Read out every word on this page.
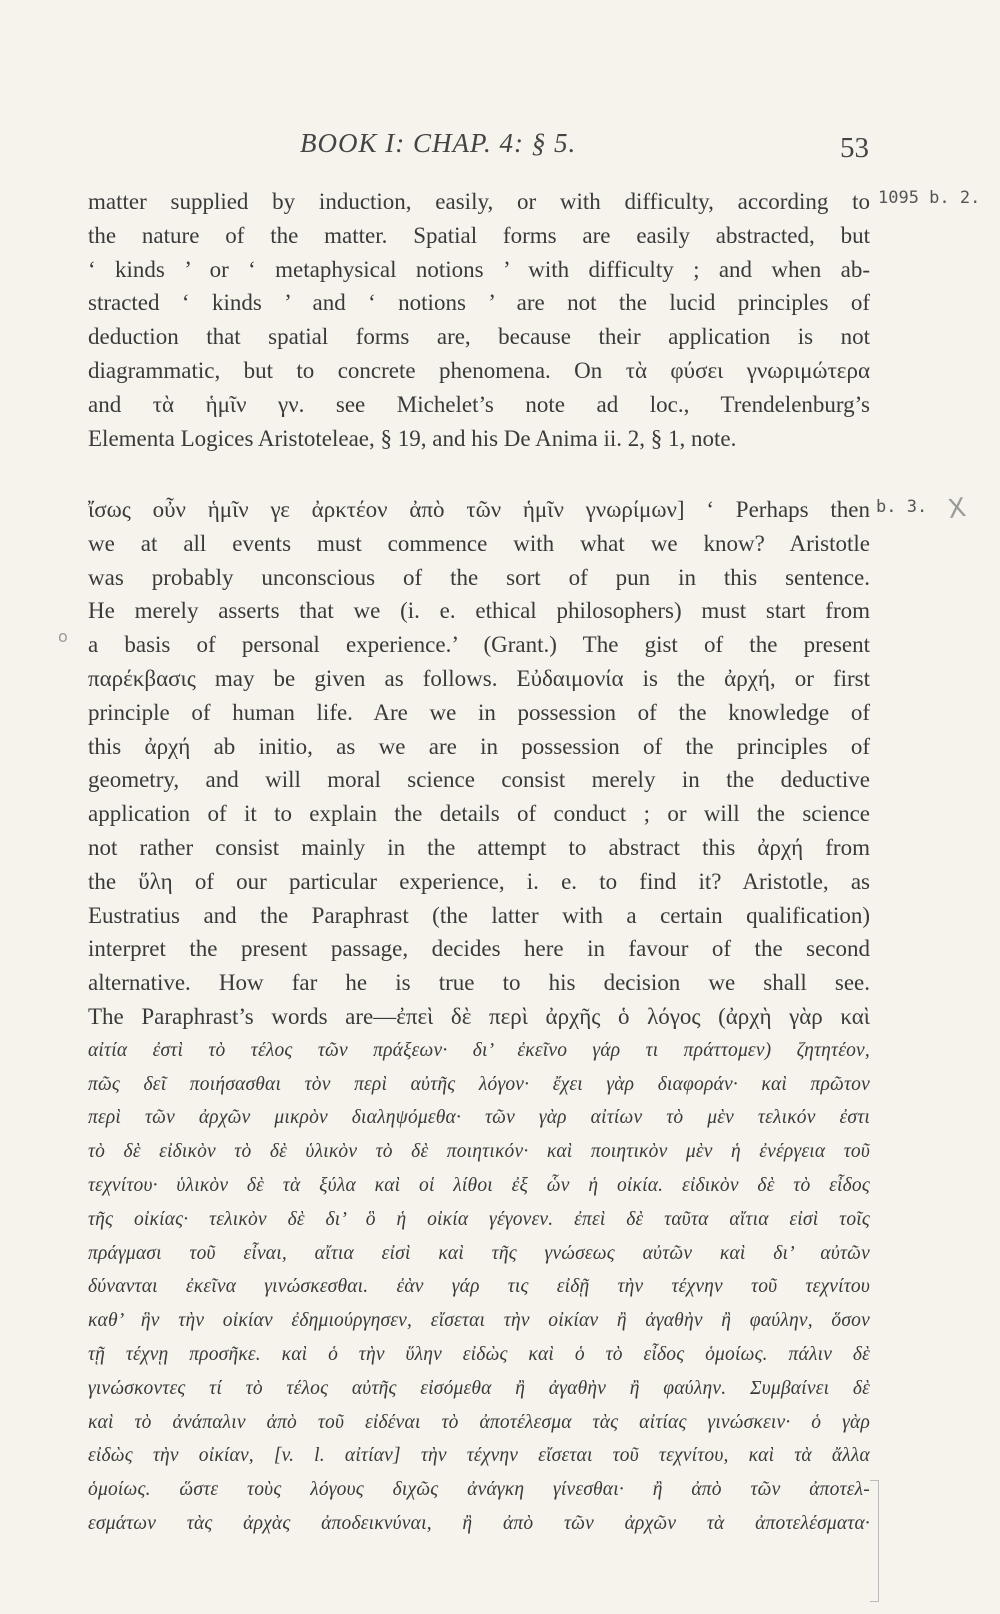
BOOK I: CHAP. 4: § 5.	53
1095 b. 2.
b. 3. X
o
matter supplied by induction, easily, or with difficulty, according to
the nature of the matter. Spatial forms are easily abstracted, but
‘ kinds ’ or ‘ metaphysical notions ’ with difficulty ; and when ab-
stracted ‘ kinds ’ and ‘ notions ’ are not the lucid principles of
deduction that spatial forms are, because their application is not
diagrammatic, but to concrete phenomena. On τὰ φύσει γνωριμώτερα
and τὰ ἡμῖν γν. see Michelet’s note ad loc., Trendelenburg’s
Elementa Logices Aristoteleae, § 19, and his De Anima ii. 2, § 1, note.
ἴσως οὖν ἡμῖν γε ἀρκτέον ἀπὸ τῶν ἡμῖν γνωρίμων] ‘ Perhaps then
we at all events must commence with what we know? Aristotle
was probably unconscious of the sort of pun in this sentence.
He merely asserts that we (i. e. ethical philosophers) must start from
a basis of personal experience.’ (Grant.) The gist of the present
παρέκβασις may be given as follows. Εὐδαιμονία is the ἀρχή, or first
principle of human life. Are we in possession of the knowledge of
this ἀρχή ab initio, as we are in possession of the principles of
geometry, and will moral science consist merely in the deductive
application of it to explain the details of conduct ; or will the science
not rather consist mainly in the attempt to abstract this ἀρχή from
the ὕλη of our particular experience, i. e. to find it? Aristotle, as
Eustratius and the Paraphrast (the latter with a certain qualification)
interpret the present passage, decides here in favour of the second
alternative. How far he is true to his decision we shall see.
The Paraphrast’s words are—ἐπεὶ δὲ περὶ ἀρχῆς ὁ λόγος (ἀρχὴ γὰρ καὶ
αἰτία ἐστὶ τὸ τέλος τῶν πράξεων· δι’ ἐκεῖνο γάρ τι πράττομεν) ζητητέον,
πῶς δεῖ ποιήσασθαι τὸν περὶ αὐτῆς λόγον· ἔχει γὰρ διαφοράν· καὶ πρῶτον
περὶ τῶν ἀρχῶν μικρὸν διαληψόμεθα· τῶν γὰρ αἰτίων τὸ μὲν τελικόν ἐστι
τὸ δὲ εἰδικὸν τὸ δὲ ὑλικὸν τὸ δὲ ποιητικόν· καὶ ποιητικὸν μὲν ἡ ἐνέργεια τοῦ
τεχνίτου· ὑλικὸν δὲ τὰ ξύλα καὶ οἱ λίθοι ἐξ ὧν ἡ οἰκία. εἰδικὸν δὲ τὸ εἶδος
τῆς οἰκίας· τελικὸν δὲ δι’ ὃ ἡ οἰκία γέγονεν. ἐπεὶ δὲ ταῦτα αἴτια εἰσὶ τοῖς
πράγμασι τοῦ εἶναι, αἴτια εἰσὶ καὶ τῆς γνώσεως αὐτῶν καὶ δι’ αὐτῶν
δύνανται ἐκεῖνα γινώσκεσθαι. ἐὰν γάρ τις εἰδῇ τὴν τέχνην τοῦ τεχνίτου
καθ’ ἣν τὴν οἰκίαν ἐδημιούργησεν, εἴσεται τὴν οἰκίαν ἢ ἀγαθὴν ἢ φαύλην, ὅσον
τῇ τέχνῃ προσῆκε. καὶ ὁ τὴν ὕλην εἰδὼς καὶ ὁ τὸ εἶδος ὁμοίως. πάλιν δὲ
γινώσκοντες τί τὸ τέλος αὐτῆς εἰσόμεθα ἢ ἀγαθὴν ἢ φαύλην. Συμβαίνει δὲ
καὶ τὸ ἀνάπαλιν ἀπὸ τοῦ εἰδέναι τὸ ἀποτέλεσμα τὰς αἰτίας γινώσκειν· ὁ γὰρ
εἰδὼς τὴν οἰκίαν, [v. l. αἰτίαν] τὴν τέχνην εἴσεται τοῦ τεχνίτου, καὶ τὰ ἄλλα
ὁμοίως. ὥστε τοὺς λόγους διχῶς ἀνάγκη γίνεσθαι· ἢ ἀπὸ τῶν ἀποτελ-
εσμάτων τὰς ἀρχὰς ἀποδεικνύναι, ἢ ἀπὸ τῶν ἀρχῶν τὰ ἀποτελέσματα·
